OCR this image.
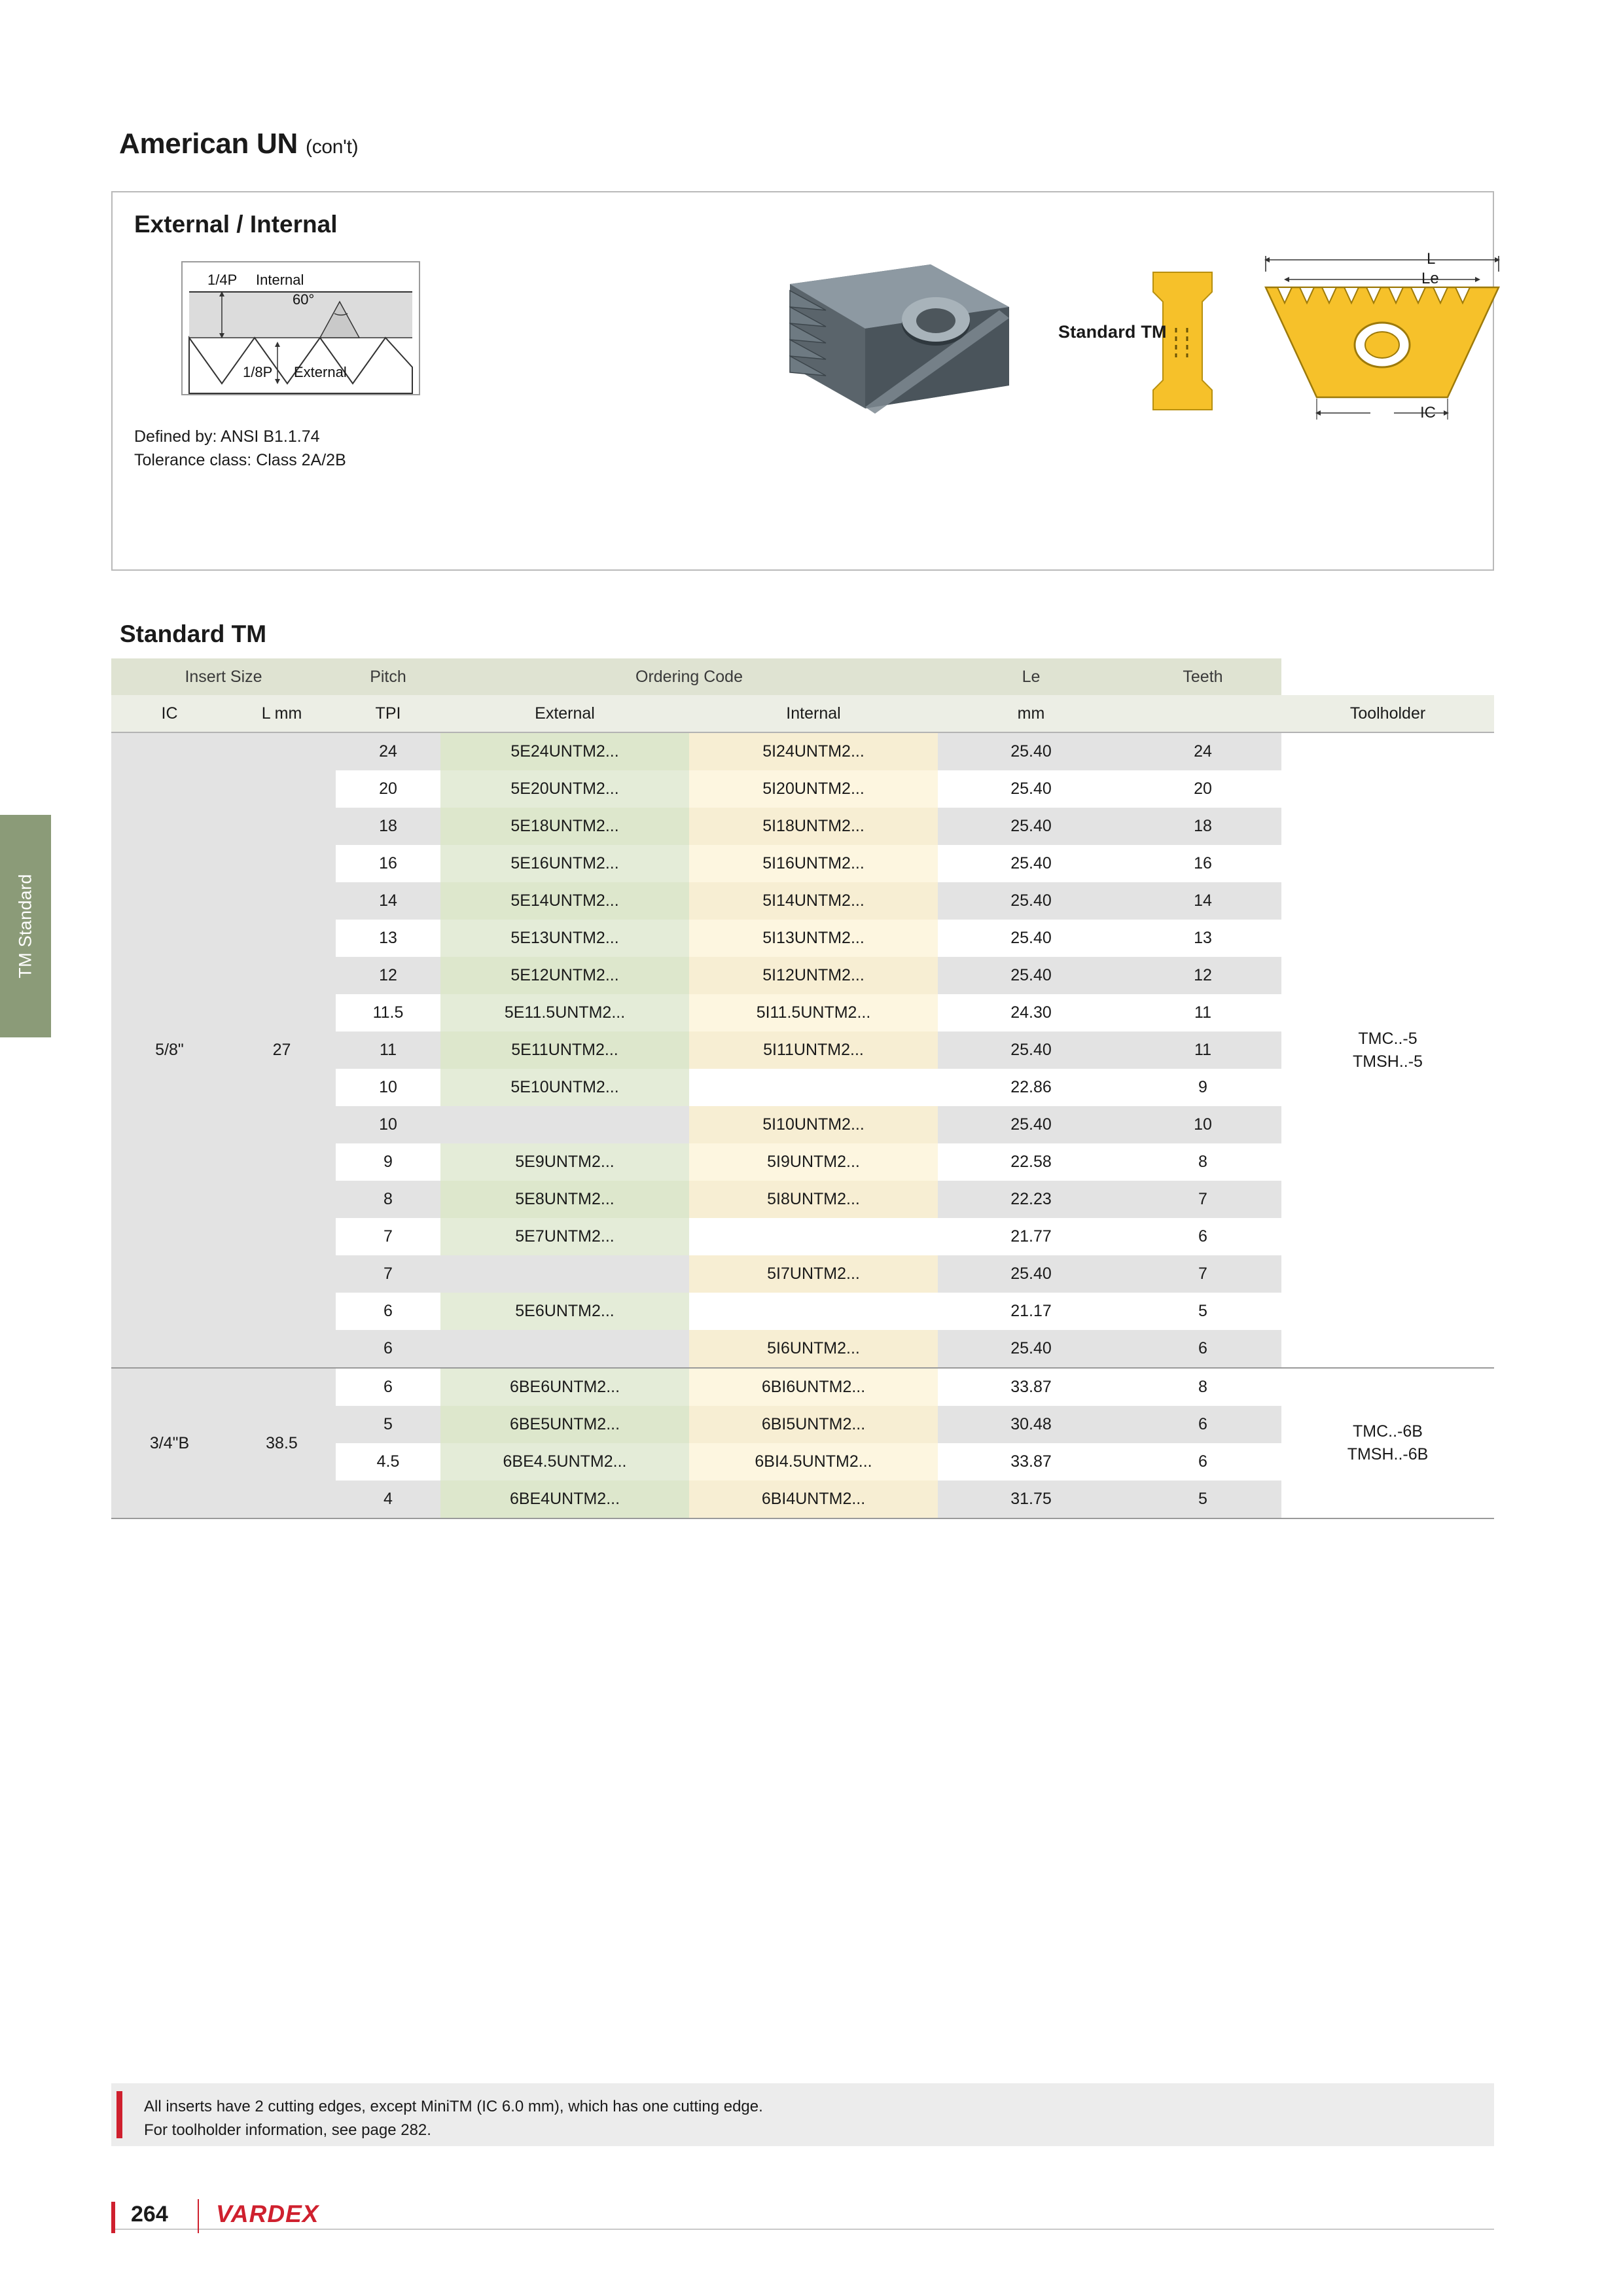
TM Standard
American UN (con't)
External / Internal
1/4P Internal
60°
1/8P External
L
Le
IC
Defined by: ANSI B1.1.74
Tolerance class: Class 2A/2B
Standard TM
Standard TM
Insert Size		Pitch	Ordering Code		Le	Teeth	
IC	L mm	TPI	External	Internal	mm		Toolholder
5/8"	27	24	5E24UNTM2...	5I24UNTM2...	25.40	24	TMC..-5
TMSH..-5

		20	5E20UNTM2...	5I20UNTM2...	25.40	20	
		18	5E18UNTM2...	5I18UNTM2...	25.40	18	
		16	5E16UNTM2...	5I16UNTM2...	25.40	16	
		14	5E14UNTM2...	5I14UNTM2...	25.40	14	
		13	5E13UNTM2...	5I13UNTM2...	25.40	13	
		12	5E12UNTM2...	5I12UNTM2...	25.40	12	
		11.5	5E11.5UNTM2...	5I11.5UNTM2...	24.30	11	
		11	5E11UNTM2...	5I11UNTM2...	25.40	11	
		10	5E10UNTM2...		22.86	9	
		10		5I10UNTM2...	25.40	10	
		9	5E9UNTM2...	5I9UNTM2...	22.58	8	
		8	5E8UNTM2...	5I8UNTM2...	22.23	7	
		7	5E7UNTM2...		21.77	6	
		7		5I7UNTM2...	25.40	7	
		6	5E6UNTM2...		21.17	5	
		6		5I6UNTM2...	25.40	6	
3/4"B	38.5	6	6BE6UNTM2...	6BI6UNTM2...	33.87	8	TMC..-6B
TMSH..-6B

		5	6BE5UNTM2...	6BI5UNTM2...	30.48	6	
		4.5	6BE4.5UNTM2...	6BI4.5UNTM2...	33.87	6	
		4	6BE4UNTM2...	6BI4UNTM2...	31.75	5	
All inserts have 2 cutting edges, except MiniTM (IC 6.0 mm), which has one cutting edge.
For toolholder information, see page 282.
264 VARDEX
